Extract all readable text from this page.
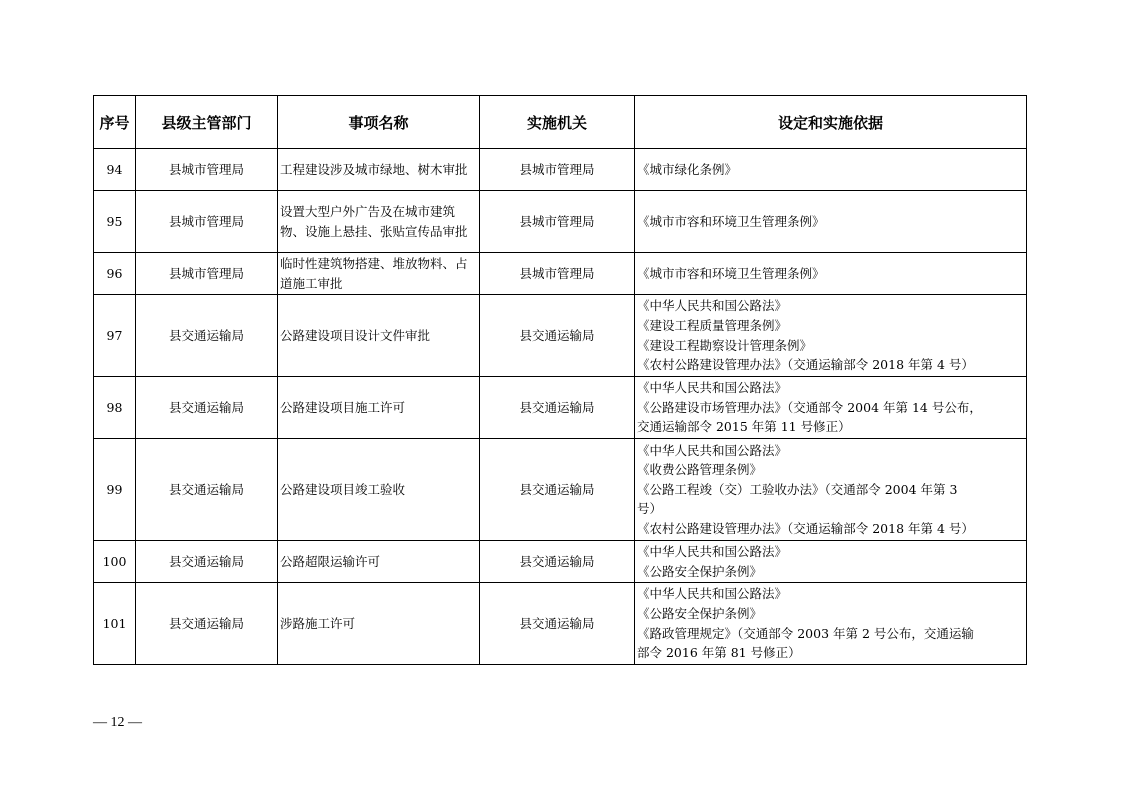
序号	县级主管部门	事项名称	实施机关	设定和实施依据
94	县城市管理局	工程建设涉及城市绿地、树木审批	县城市管理局	《城市绿化条例》

95	县城市管理局	设置大型户外广告及在城市建筑物、设施上悬挂、张贴宣传品审批	县城市管理局	《城市市容和环境卫生管理条例》

96	县城市管理局	临时性建筑物搭建、堆放物料、占道施工审批	县城市管理局	《城市市容和环境卫生管理条例》

97	县交通运输局	公路建设项目设计文件审批	县交通运输局	《中华人民共和国公路法》
《建设工程质量管理条例》
《建设工程勘察设计管理条例》
《农村公路建设管理办法》（交通运输部令 2018 年第 4 号）

98	县交通运输局	公路建设项目施工许可	县交通运输局	《中华人民共和国公路法》
《公路建设市场管理办法》（交通部令 2004 年第 14 号公布，
交通运输部令 2015 年第 11 号修正）

99	县交通运输局	公路建设项目竣工验收	县交通运输局	《中华人民共和国公路法》
《收费公路管理条例》
《公路工程竣（交）工验收办法》（交通部令 2004 年第 3
号）
《农村公路建设管理办法》（交通运输部令 2018 年第 4 号）

100	县交通运输局	公路超限运输许可	县交通运输局	《中华人民共和国公路法》
《公路安全保护条例》

101	县交通运输局	涉路施工许可	县交通运输局	《中华人民共和国公路法》
《公路安全保护条例》
《路政管理规定》（交通部令 2003 年第 2 号公布，交通运输
部令 2016 年第 81 号修正）
— 12 —
